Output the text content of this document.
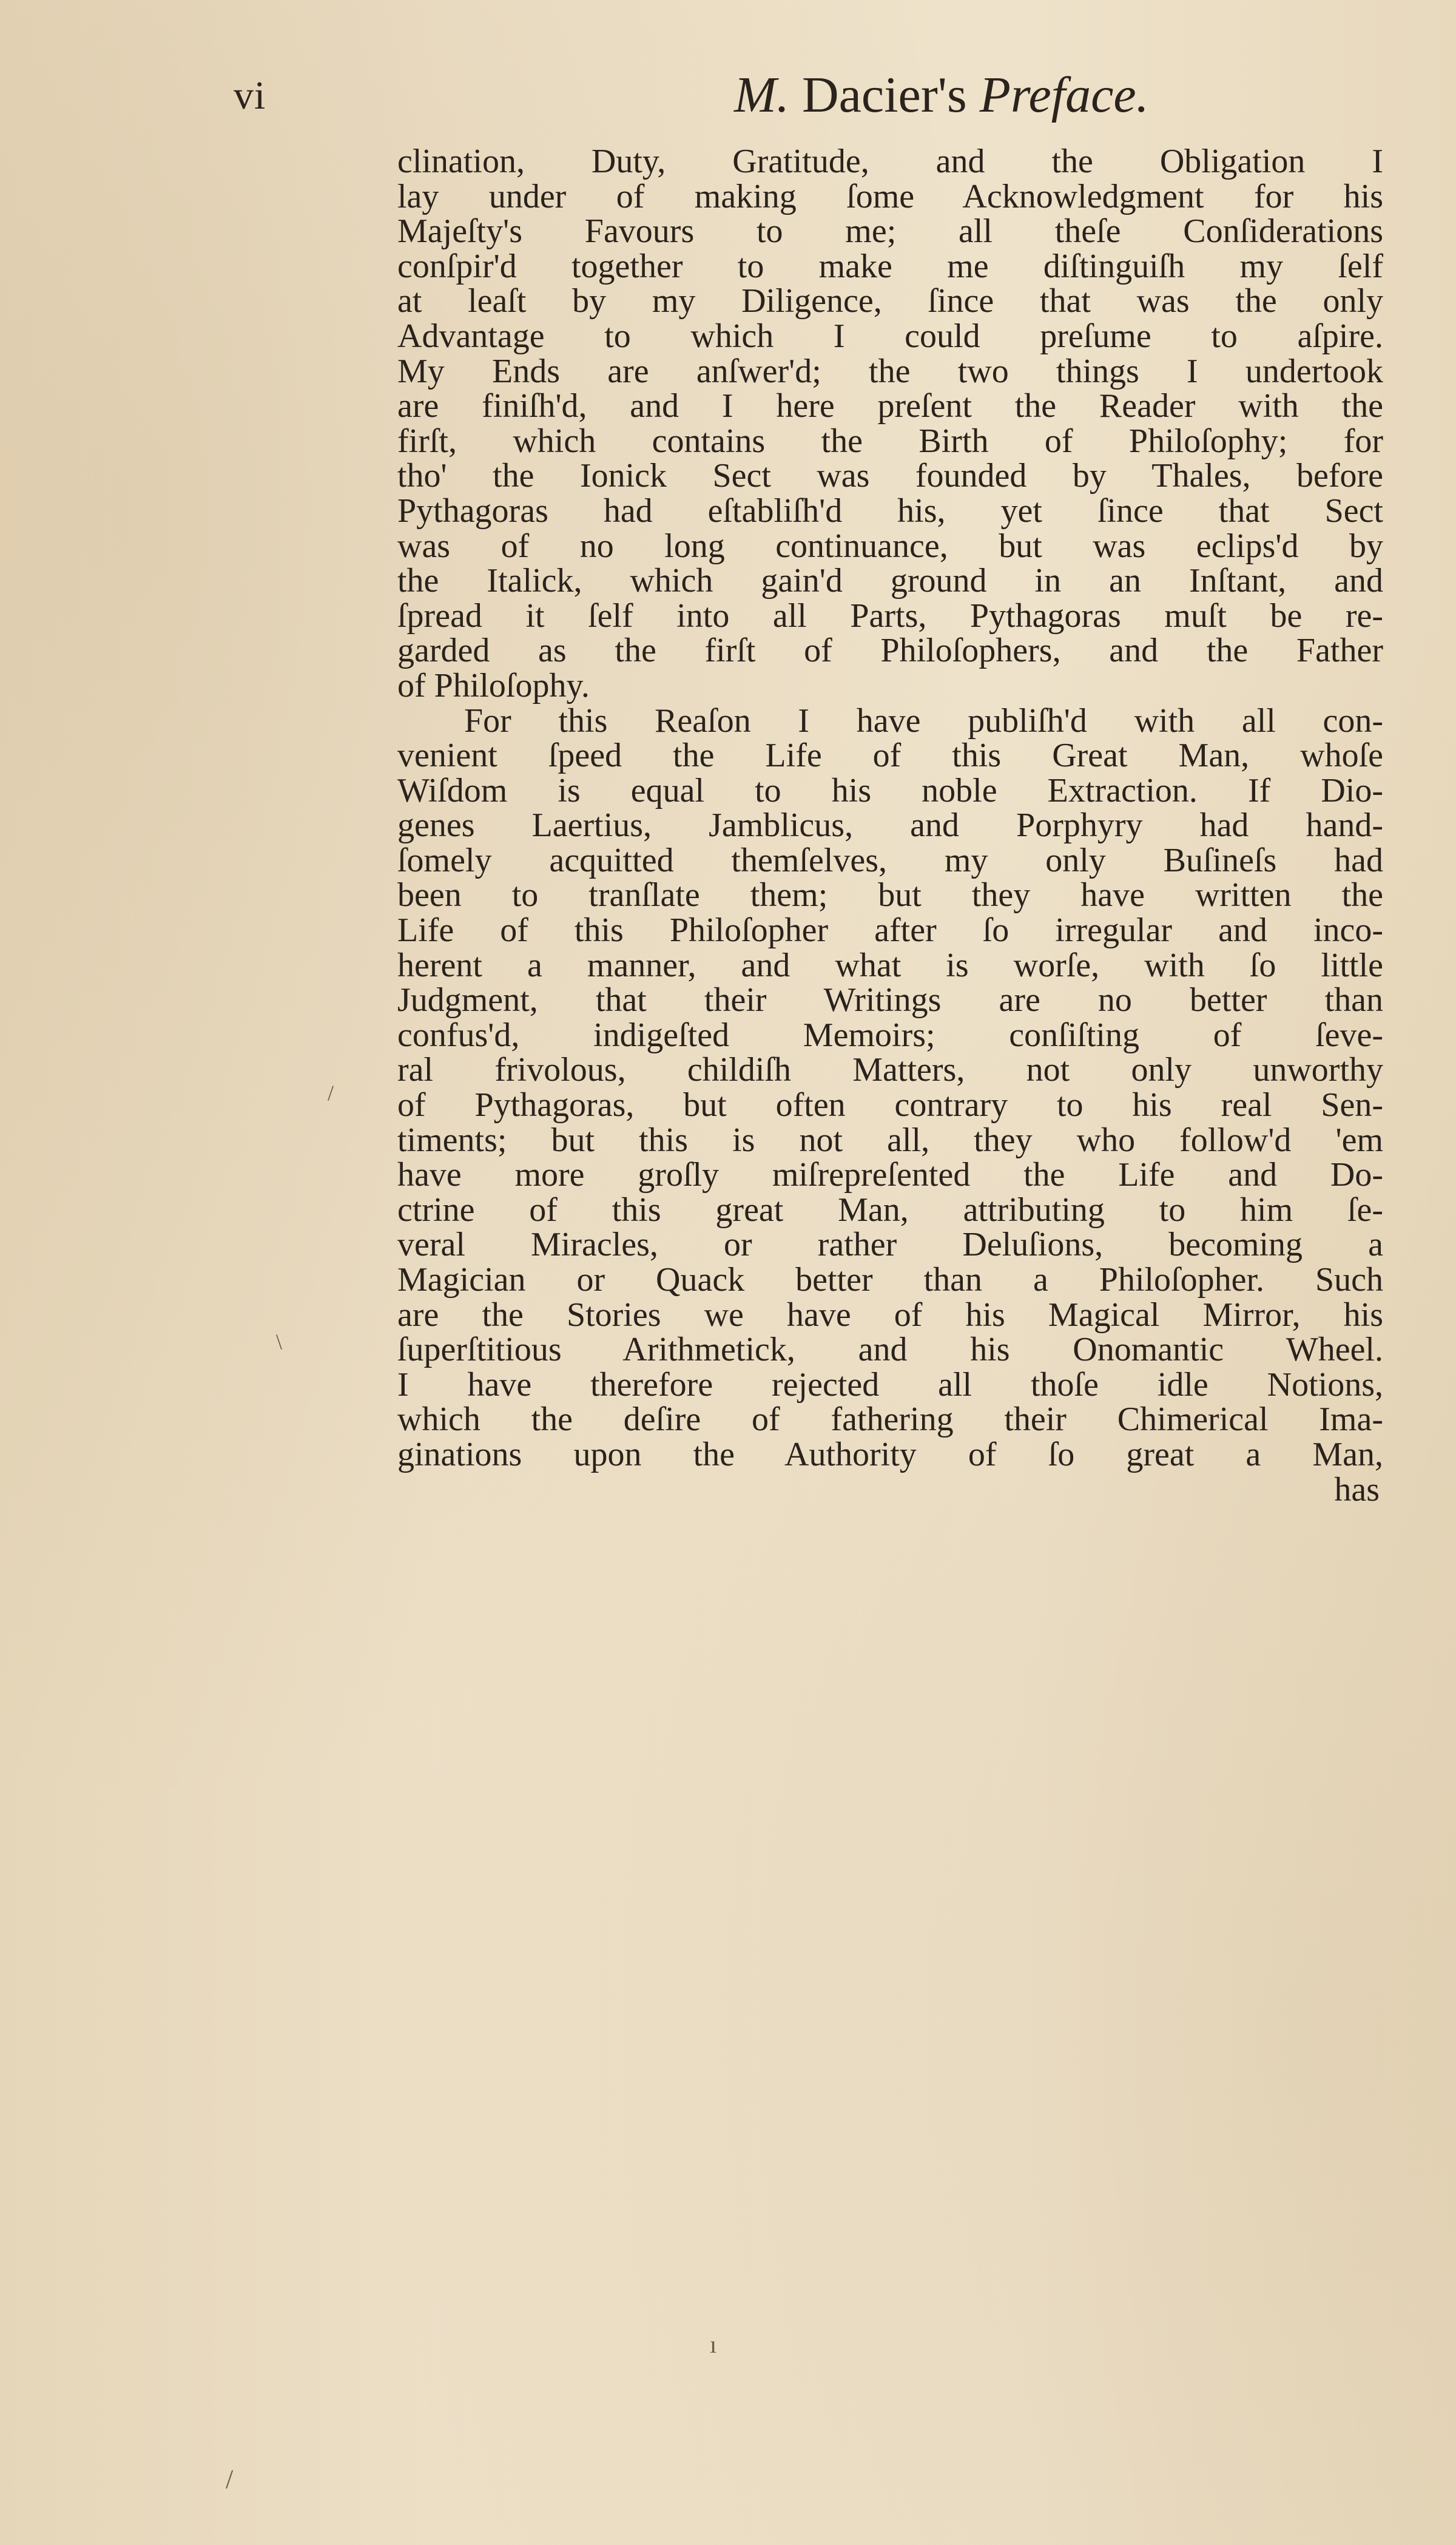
vi	M. Dacier's Preface.
clination, Duty, Gratitude, and the Obligation I
lay under of making ſome Acknowledgment for his
Majeſty's Favours to me; all theſe Conſiderations
conſpir'd together to make me diſtinguiſh my ſelf
at leaſt by my Diligence, ſince that was the only
Advantage to which I could preſume to aſpire.
My Ends are anſwer'd; the two things I undertook
are finiſh'd, and I here preſent the Reader with the
firſt, which contains the Birth of Philoſophy; for
tho' the Ionick Sect was founded by Thales, before
Pythagoras had eſtabliſh'd his, yet ſince that Sect
was of no long continuance, but was eclips'd by
the Italick, which gain'd ground in an Inſtant, and
ſpread it ſelf into all Parts, Pythagoras muſt be re-
garded as the firſt of Philoſophers, and the Father
of Philoſophy.
For this Reaſon I have publiſh'd with all con-
venient ſpeed the Life of this Great Man, whoſe
Wiſdom is equal to his noble Extraction. If Dio-
genes Laertius, Jamblicus, and Porphyry had hand-
ſomely acquitted themſelves, my only Buſineſs had
been to tranſlate them; but they have written the
Life of this Philoſopher after ſo irregular and inco-
herent a manner, and what is worſe, with ſo little
Judgment, that their Writings are no better than
confus'd, indigeſted Memoirs; conſiſting of ſeve-
ral frivolous, childiſh Matters, not only unworthy
of Pythagoras, but often contrary to his real Sen-
timents; but this is not all, they who follow'd 'em
have more groſly miſrepreſented the Life and Do-
ctrine of this great Man, attributing to him ſe-
veral Miracles, or rather Deluſions, becoming a
Magician or Quack better than a Philoſopher. Such
are the Stories we have of his Magical Mirror, his
ſuperſtitious Arithmetick, and his Onomantic Wheel.
I have therefore rejected all thoſe idle Notions,
which the deſire of fathering their Chimerical Ima-
ginations upon the Authority of ſo great a Man,
has
ı
/
/
\
